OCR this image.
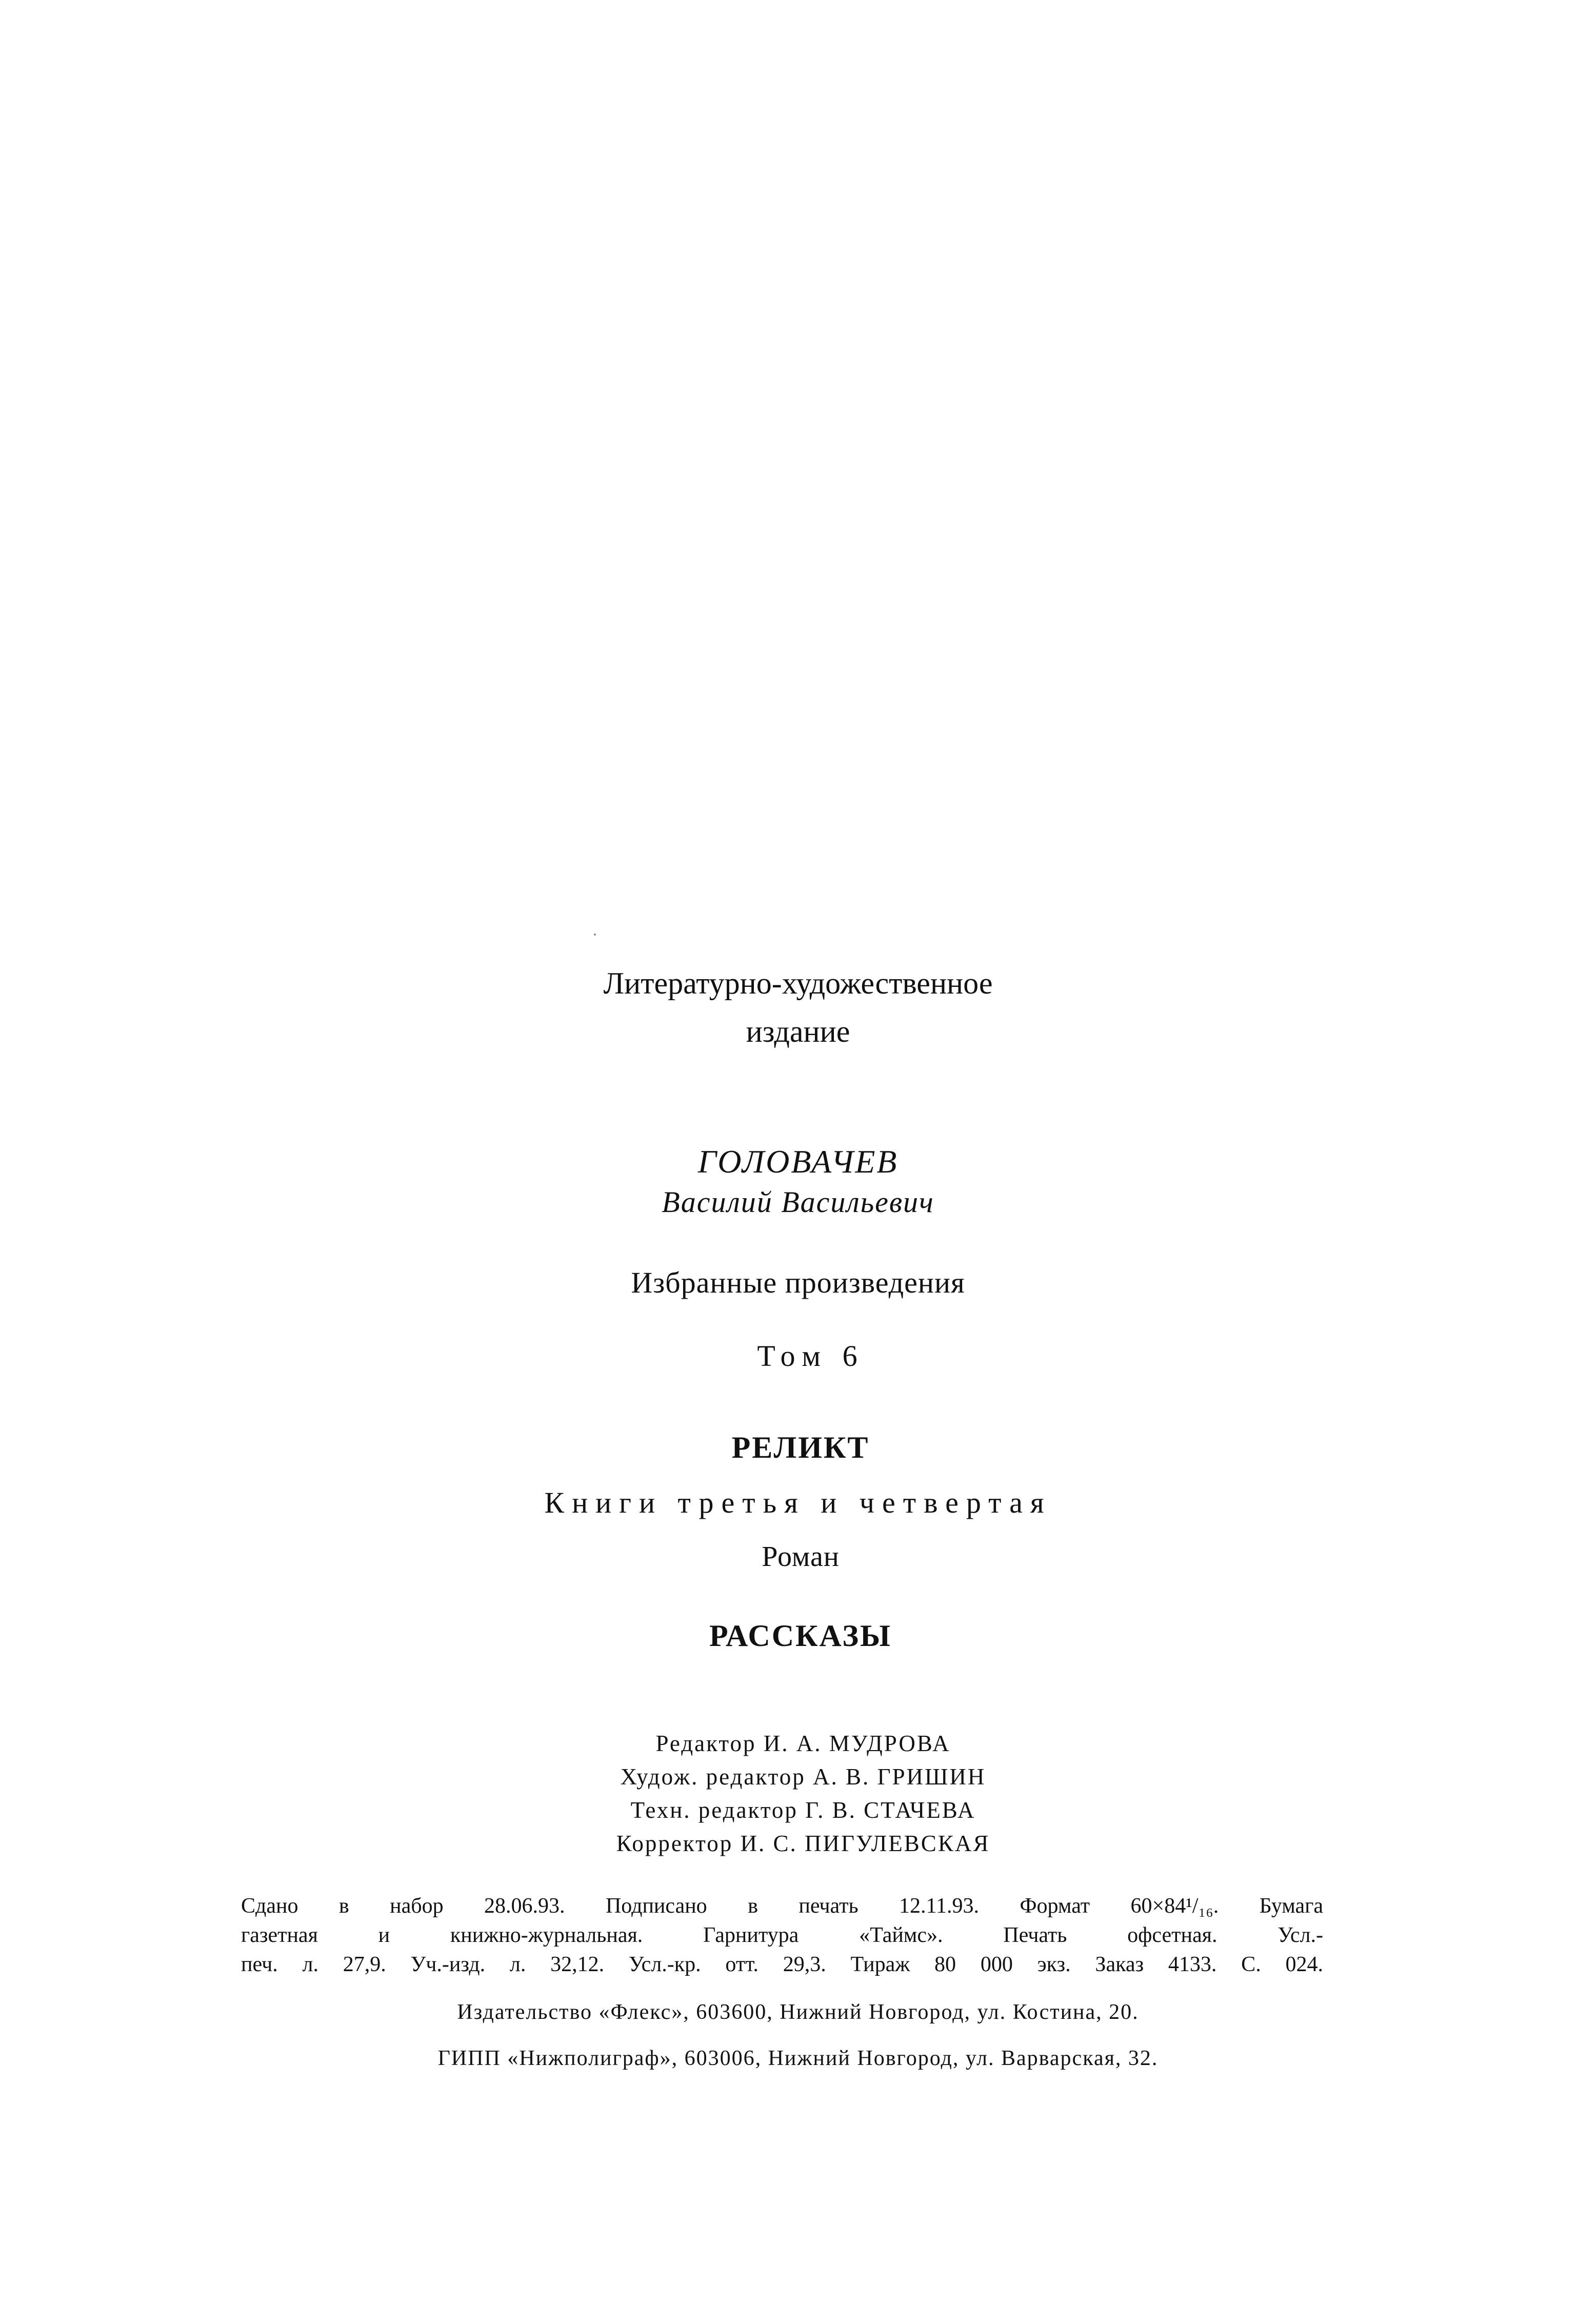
Литературно-художественное
издание
ГОЛОВАЧЕВ
Василий Васильевич
Избранные произведения
Том 6
РЕЛИКТ
Книги третья и четвертая
Роман
РАССКАЗЫ
Редактор И. А. МУДРОВА
Худож. редактор А. В. ГРИШИН
Техн. редактор Г. В. СТАЧЕВА
Корректор И. С. ПИГУЛЕВСКАЯ
Сдано в набор 28.06.93. Подписано в печать 12.11.93. Формат 60×84¹/₁₆. Бумага
газетная и книжно-журнальная. Гарнитура «Таймс». Печать офсетная. Усл.-
печ. л. 27,9. Уч.-изд. л. 32,12. Усл.-кр. отт. 29,3. Тираж 80 000 экз. Заказ 4133. С. 024.
Издательство «Флекс», 603600, Нижний Новгород, ул. Костина, 20.
ГИПП «Нижполиграф», 603006, Нижний Новгород, ул. Варварская, 32.
